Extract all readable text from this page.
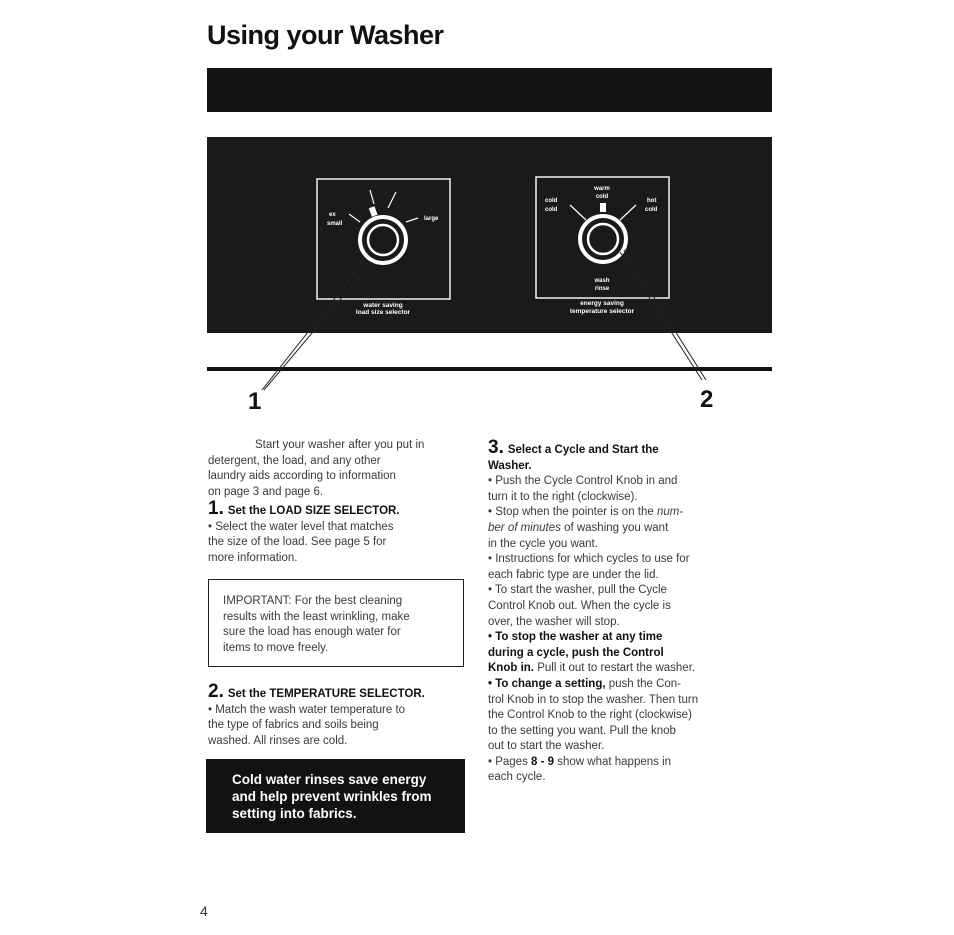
Using your Washer
ex
small
large
water saving
load size selector
warm
cold
cold
cold
hot
cold
wash
rinse
energy saving
temperature selector
1	2

Start your washer after you put in

detergent, the load, and any other

laundry aids according to information

on page 3 and page 6.

1. Set the LOAD SIZE SELECTOR.

• Select the water level that matches

the size of the load. See page 5 for

more information.

IMPORTANT: For the best cleaning

results with the least wrinkling, make

sure the load has enough water for

items to move freely.

2. Set the TEMPERATURE SELECTOR.

• Match the wash water temperature to

the type of fabrics and soils being

washed. All rinses are cold.

Cold water rinses save energy
and help prevent wrinkles from
setting into fabrics.

3. Select a Cycle and Start the

Washer.

• Push the Cycle Control Knob in and

turn it to the right (clockwise).

• Stop when the pointer is on the num-

ber of minutes of washing you want

in the cycle you want.

• Instructions for which cycles to use for

each fabric type are under the lid.

• To start the washer, pull the Cycle

Control Knob out. When the cycle is

over, the washer will stop.

• To stop the washer at any time

during a cycle, push the Control

Knob in. Pull it out to restart the washer.

• To change a setting, push the Con-

trol Knob in to stop the washer. Then turn

the Control Knob to the right (clockwise)

to the setting you want. Pull the knob

out to start the washer.

• Pages 8 - 9 show what happens in

each cycle.

4
